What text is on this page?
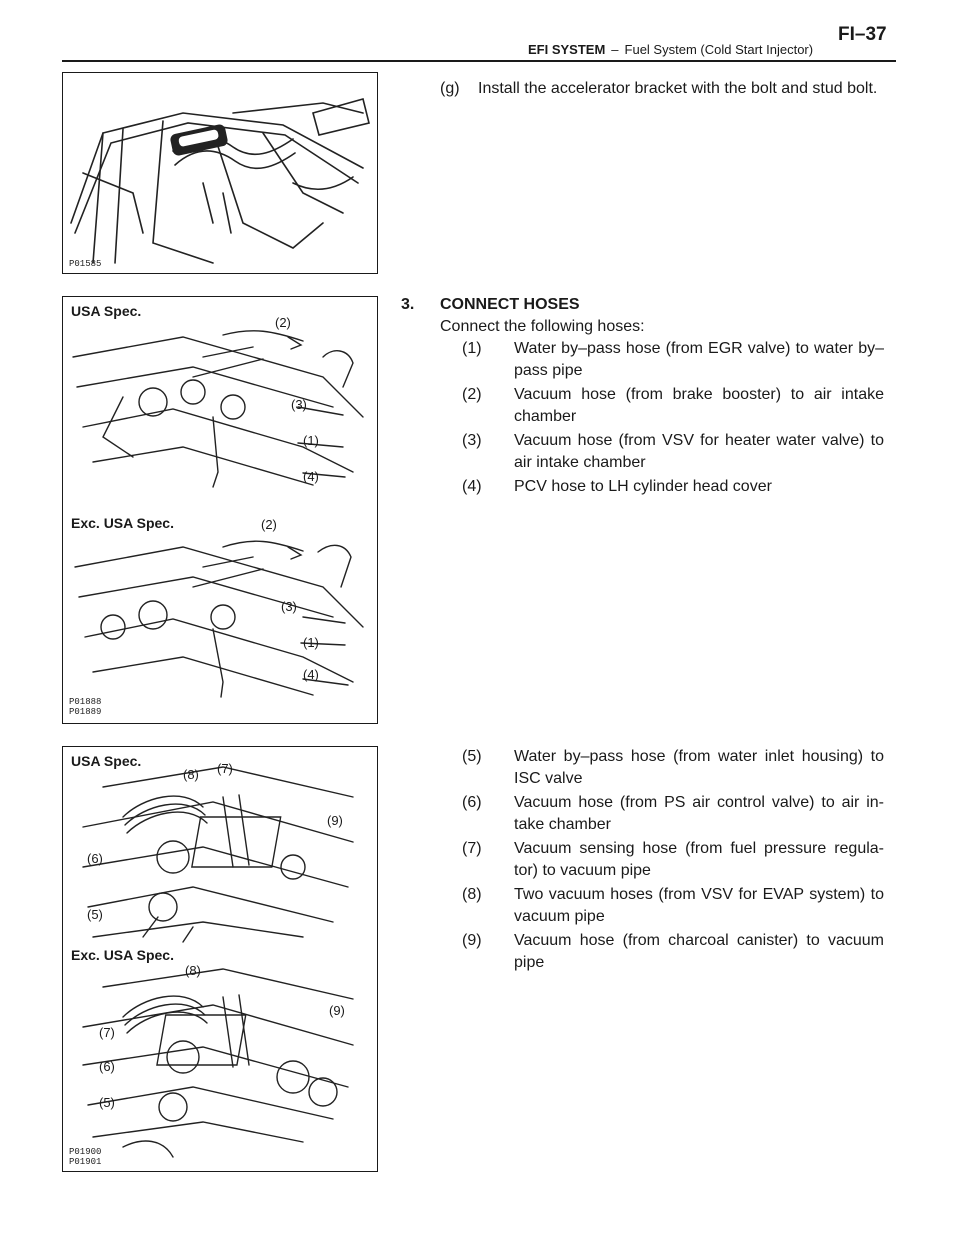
EFI SYSTEM – Fuel System (Cold Start Injector)
FI–37
P01585
USA Spec.
(2)
(3)
(1)
(4)
Exc. USA Spec.	(2)
(3)
(1)
(4)
P01888
P01889
USA Spec.
(8) (7)
(9)
(6)
(5)
Exc. USA Spec.
(8)
(9)
(7)
(6)
(5)
P01900
P01901
(g) Install the accelerator bracket with the bolt and stud bolt.
3. CONNECT HOSES
Connect the following hoses:
(1) Water by–pass hose (from EGR valve) to water by–pass pipe
(2) Vacuum hose (from brake booster) to air intake chamber
(3) Vacuum hose (from VSV for heater water valve) to air intake chamber
(4) PCV hose to LH cylinder head cover
(5) Water by–pass hose (from water inlet housing) to ISC valve
(6) Vacuum hose (from PS air control valve) to air in-take chamber
(7) Vacuum sensing hose (from fuel pressure regula-tor) to vacuum pipe
(8) Two vacuum hoses (from VSV for EVAP system) to vacuum pipe
(9) Vacuum hose (from charcoal canister) to vacuum pipe
